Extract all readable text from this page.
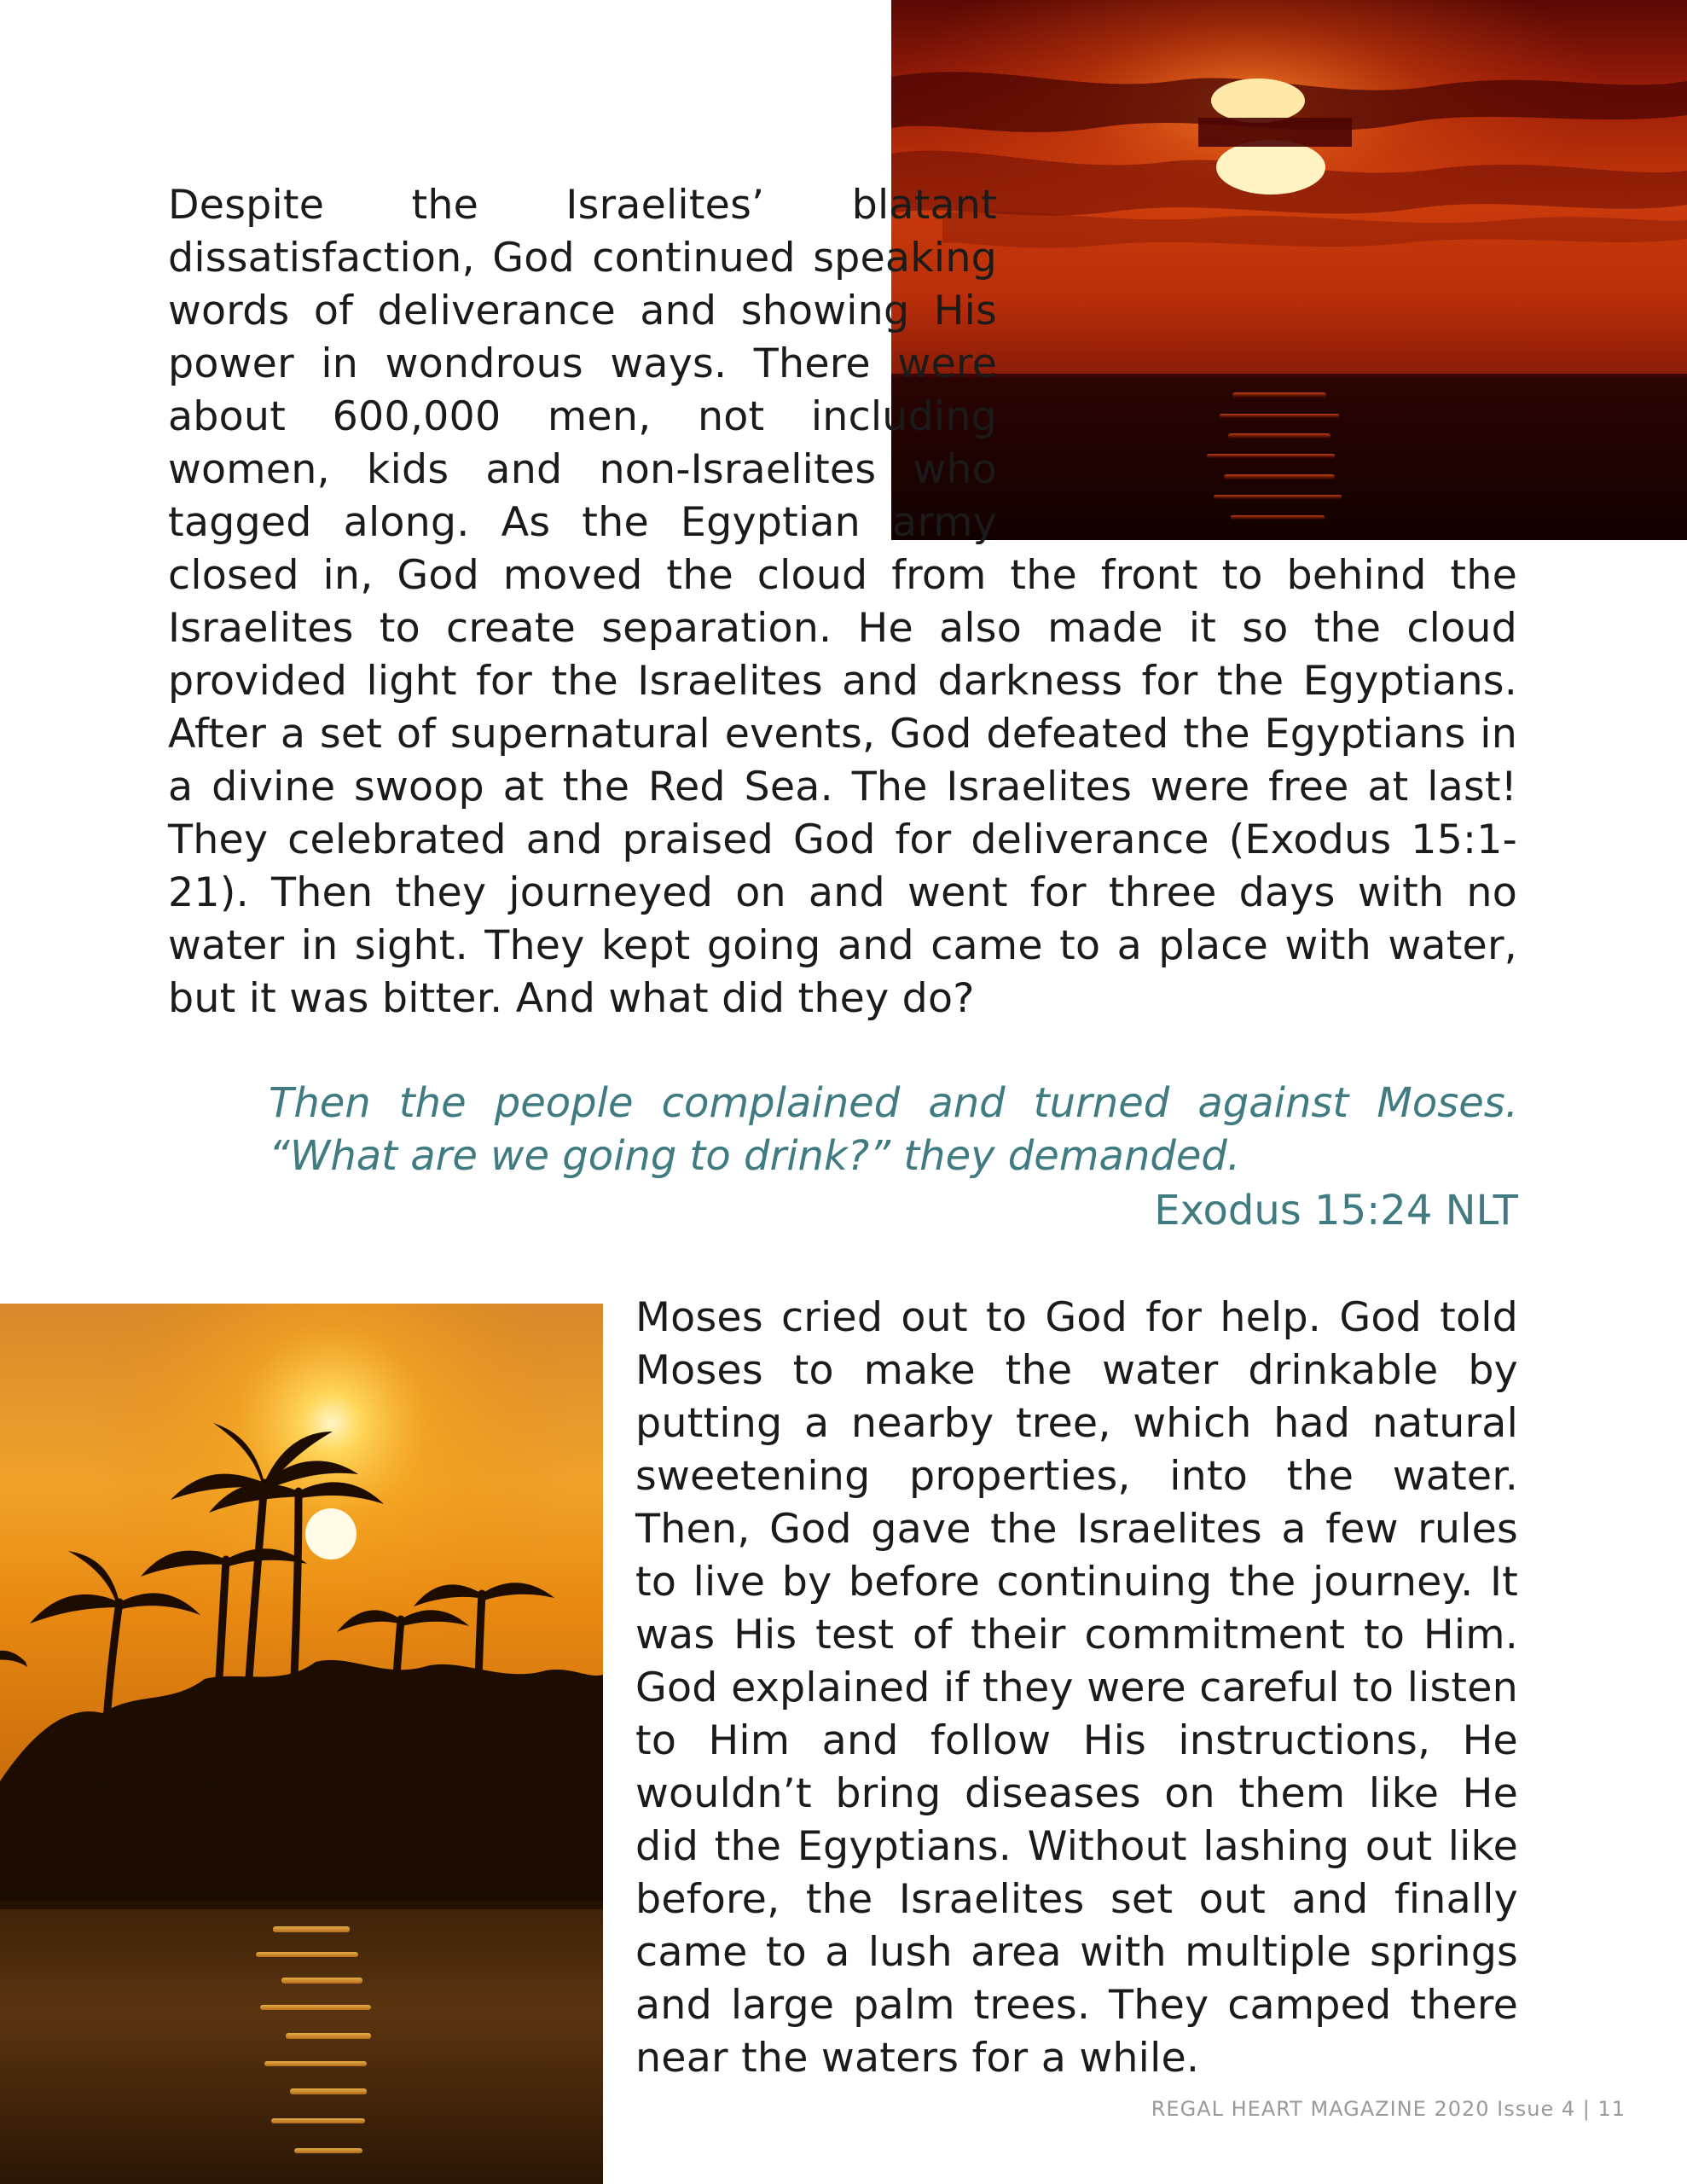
Despite the Israelites’ blatant dissatisfaction, God continued speaking words of deliverance and showing His power in wondrous ways. There were about 600,000 men, not including women, kids and non-Israelites who tagged along. As the Egyptian army closed in, God moved the cloud from the front to behind the Israelites to create separation. He also made it so the cloud provided light for the Israelites and darkness for the Egyptians. After a set of supernatural events, God defeated the Egyptians in a divine swoop at the Red Sea. The Israelites were free at last! They celebrated and praised God for deliverance (Exodus 15:1-21). Then they journeyed on and went for three days with no water in sight. They kept going and came to a place with water, but it was bitter. And what did they do?

Then the people complained and turned against Moses. “What are we going to drink?” they demanded.
Exodus 15:24 NLT

Moses cried out to God for help. God told Moses to make the water drinkable by putting a nearby tree, which had natural sweetening properties, into the water. Then, God gave the Israelites a few rules to live by before continuing the journey. It was His test of their commitment to Him. God explained if they were careful to listen to Him and follow His instructions, He wouldn’t bring diseases on them like He did the Egyptians. Without lashing out like before, the Israelites set out and finally came to a lush area with multiple springs and large palm trees. They camped there near the waters for a while.

REGAL HEART MAGAZINE 2020 Issue 4 | 11
